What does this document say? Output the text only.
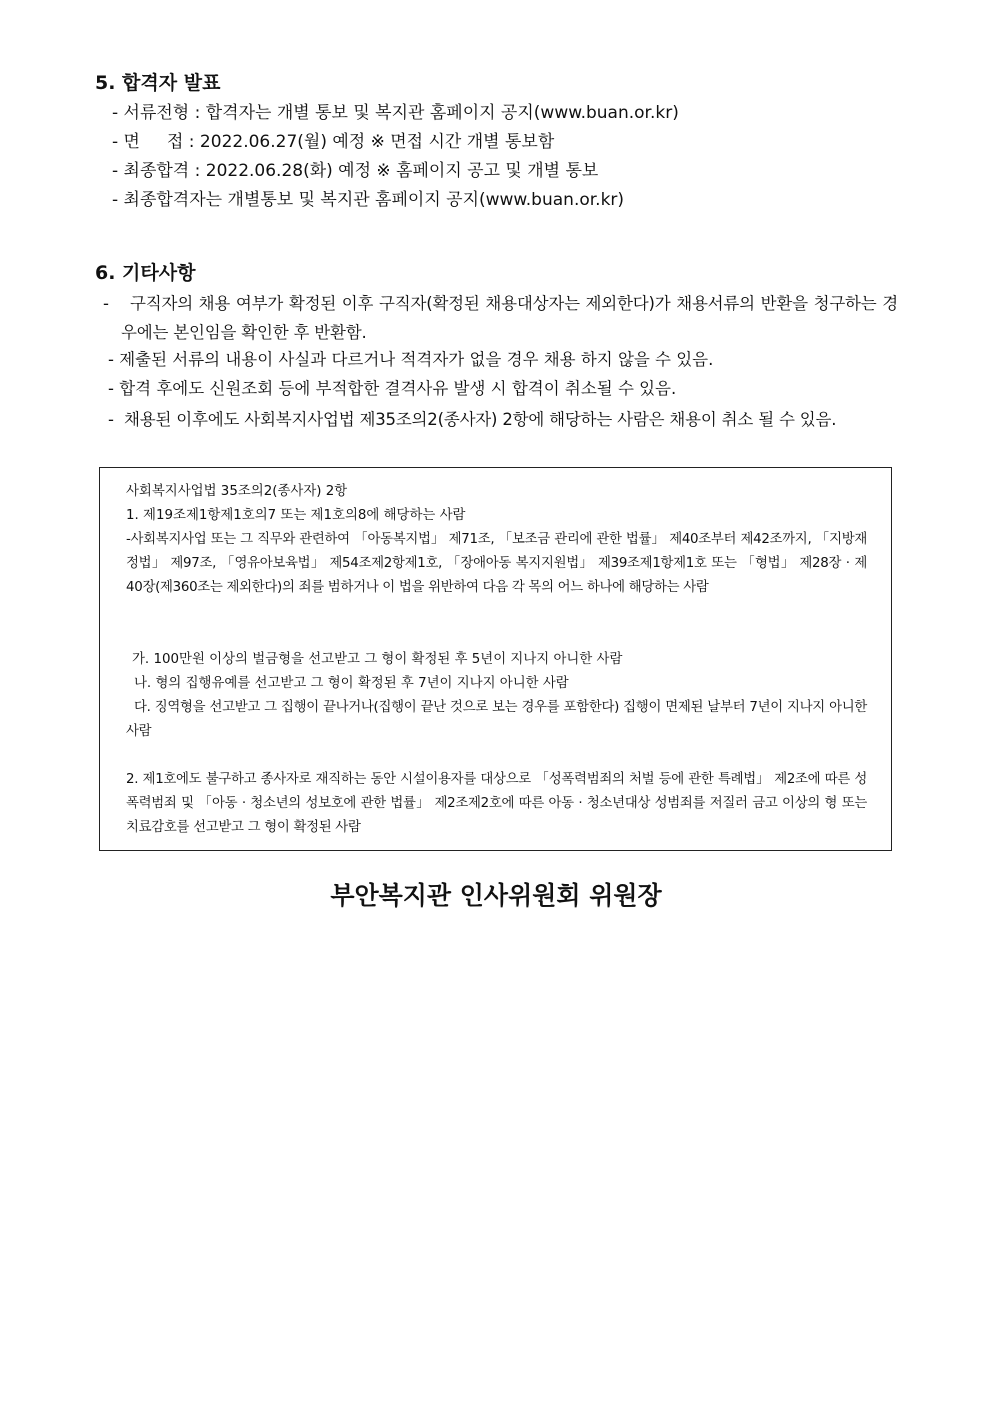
5. 합격자 발표
- 서류전형 : 합격자는 개별 통보 및 복지관 홈페이지 공지(www.buan.or.kr)
- 면     접 : 2022.06.27(월) 예정 ※ 면접 시간 개별 통보함
- 최종합격 : 2022.06.28(화) 예정 ※ 홈페이지 공고 및 개별 통보
- 최종합격자는 개별통보 및 복지관 홈페이지 공지(www.buan.or.kr)
6. 기타사항
-	구직자의 채용 여부가 확정된 이후 구직자(확정된 채용대상자는 제외한다)가 채용서류의 반환을 청구하는 경우에는 본인임을 확인한 후 반환함.
- 제출된 서류의 내용이 사실과 다르거나 적격자가 없을 경우 채용 하지 않을 수 있음.
- 합격 후에도 신원조회 등에 부적합한 결격사유 발생 시 합격이 취소될 수 있음.
- 채용된 이후에도 사회복지사업법 제35조의2(종사자) 2항에 해당하는 사람은 채용이 취소 될 수 있음.
사회복지사업법 35조의2(종사자) 2항
1. 제19조제1항제1호의7 또는 제1호의8에 해당하는 사람
-사회복지사업 또는 그 직무와 관련하여 「아동복지법」 제71조, 「보조금 관리에 관한 법률」 제40조부터 제42조까지, 「지방재정법」 제97조, 「영유아보육법」 제54조제2항제1호, 「장애아동 복지지원법」 제39조제1항제1호 또는 「형법」 제28장 · 제40장(제360조는 제외한다)의 죄를 범하거나 이 법을 위반하여 다음 각 목의 어느 하나에 해당하는 사람
가. 100만원 이상의 벌금형을 선고받고 그 형이 확정된 후 5년이 지나지 아니한 사람
나. 형의 집행유예를 선고받고 그 형이 확정된 후 7년이 지나지 아니한 사람
다. 징역형을 선고받고 그 집행이 끝나거나(집행이 끝난 것으로 보는 경우를 포함한다) 집행이 면제된 날부터 7년이 지나지 아니한 사람
2. 제1호에도 불구하고 종사자로 재직하는 동안 시설이용자를 대상으로 「성폭력범죄의 처벌 등에 관한 특례법」 제2조에 따른 성폭력범죄 및 「아동 · 청소년의 성보호에 관한 법률」 제2조제2호에 따른 아동 · 청소년대상 성범죄를 저질러 금고 이상의 형 또는 치료감호를 선고받고 그 형이 확정된 사람
부안복지관 인사위원회 위원장
